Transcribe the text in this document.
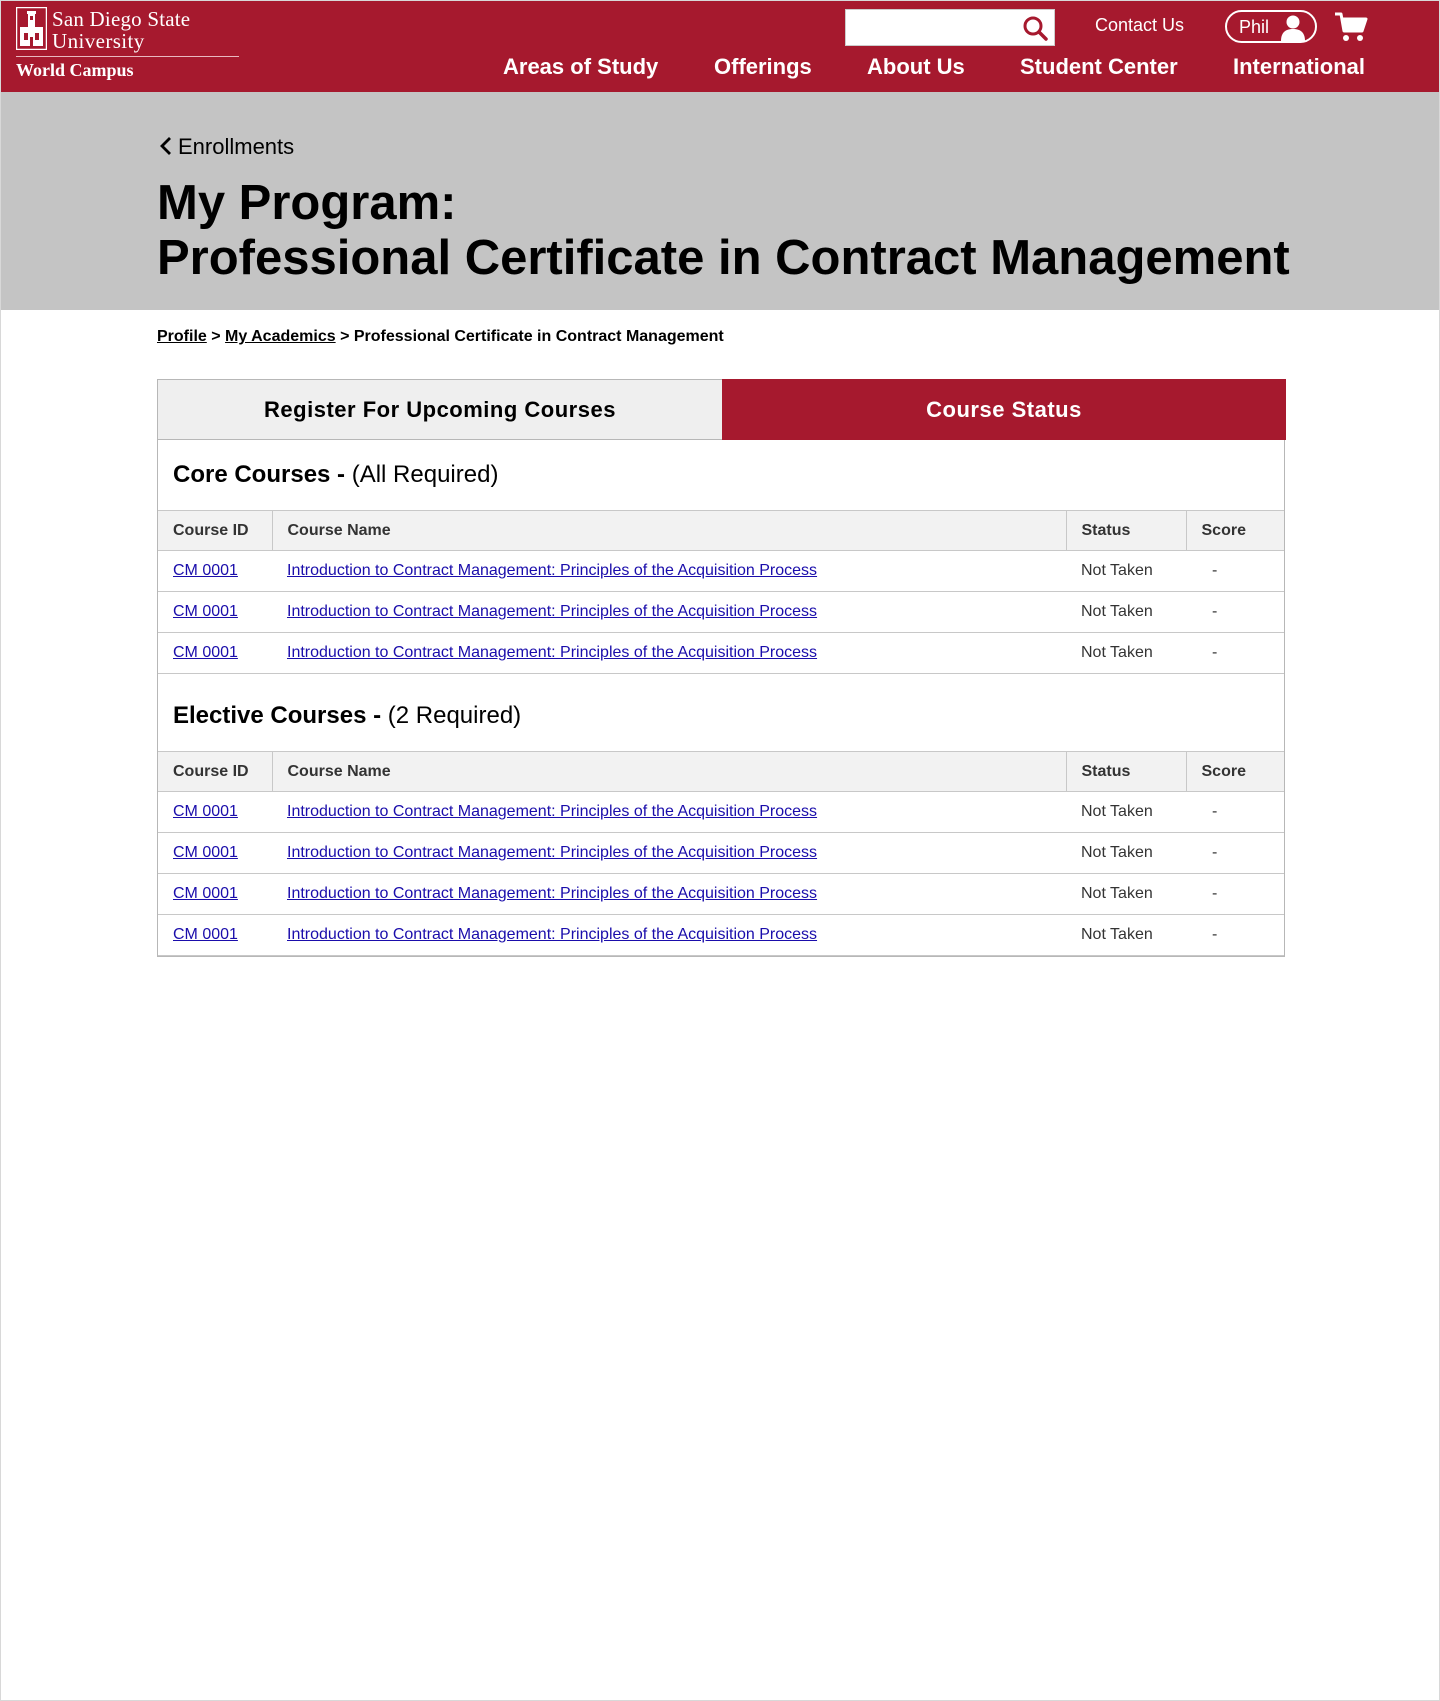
San Diego State
University
World Campus
Contact Us	Phil
Areas of Study	Offerings	About Us	Student Center	International
Enrollments
My Program:
Professional Certificate in Contract Management
Profile > My Academics > Professional Certificate in Contract Management
Register For Upcoming Courses	Course Status
Core Courses -
(All Required)
Course ID	Course Name	Status	Score
CM 0001	Introduction to Contract Management: Principles of the Acquisition Process	Not Taken	-
CM 0001	Introduction to Contract Management: Principles of the Acquisition Process	Not Taken	-
CM 0001	Introduction to Contract Management: Principles of the Acquisition Process	Not Taken	-
Elective Courses -
(2 Required)
Course ID	Course Name	Status	Score
CM 0001	Introduction to Contract Management: Principles of the Acquisition Process	Not Taken	-
CM 0001	Introduction to Contract Management: Principles of the Acquisition Process	Not Taken	-
CM 0001	Introduction to Contract Management: Principles of the Acquisition Process	Not Taken	-
CM 0001	Introduction to Contract Management: Principles of the Acquisition Process	Not Taken	-
